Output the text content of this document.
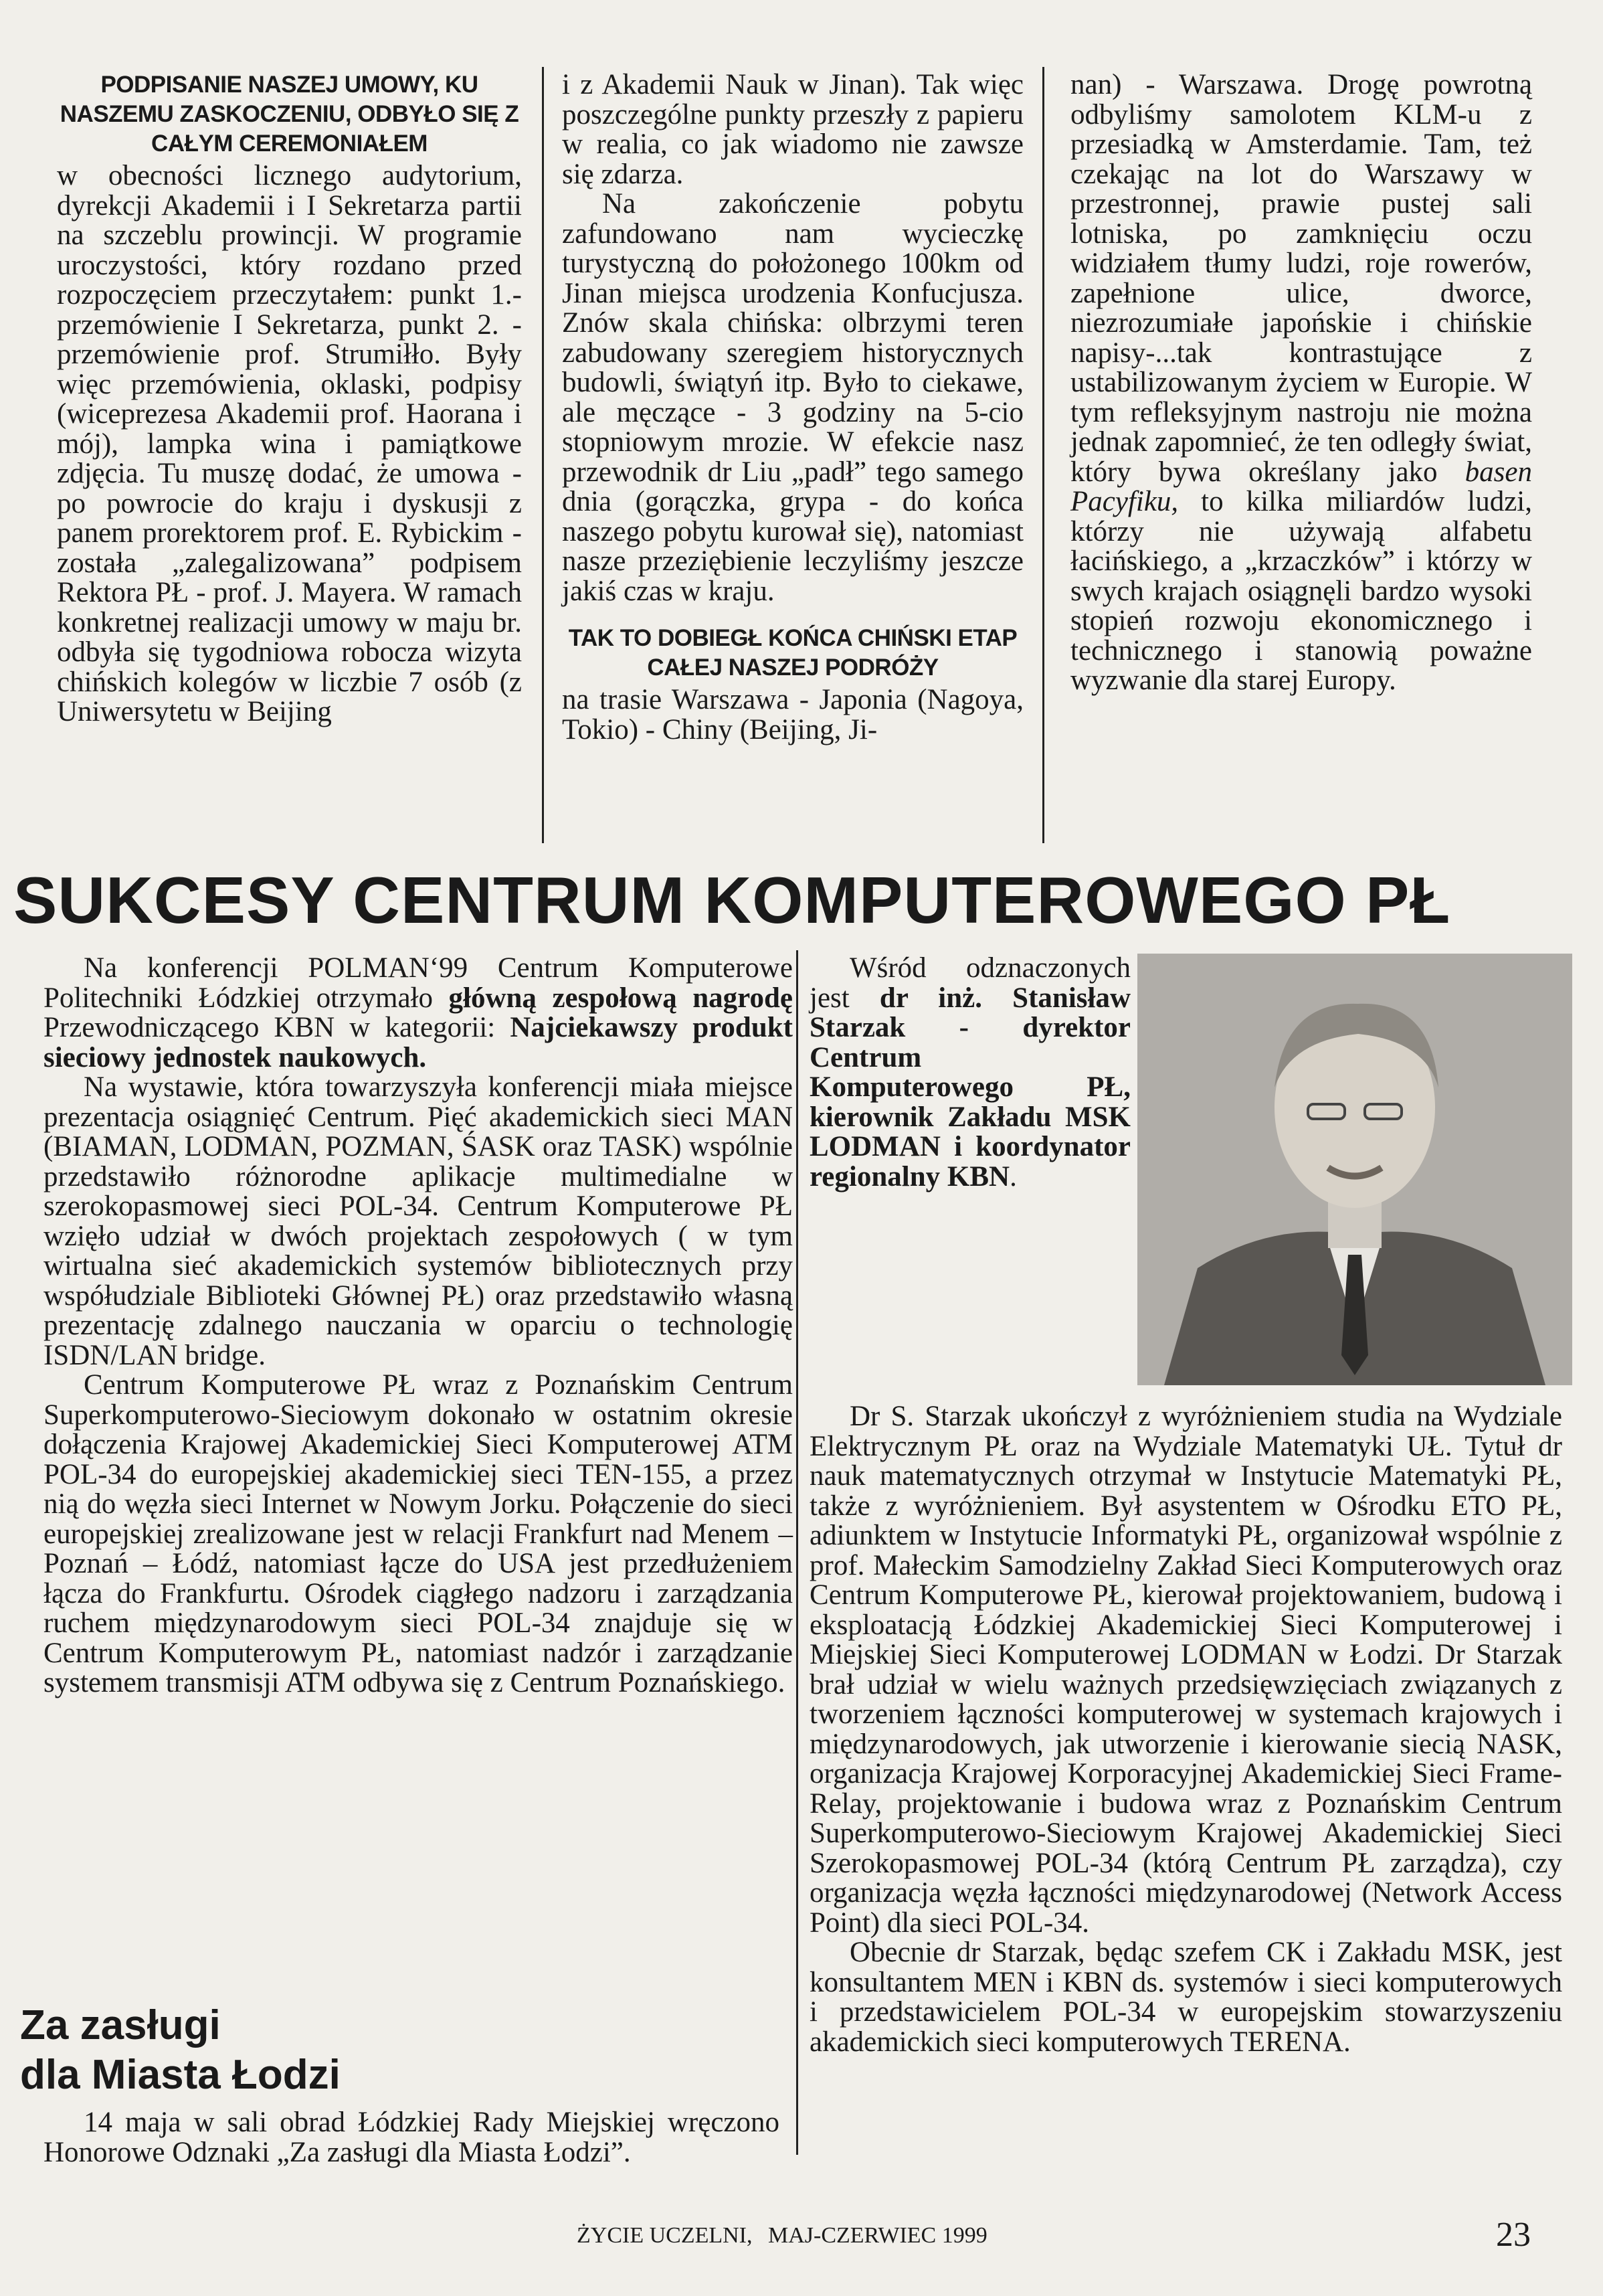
PODPISANIE NASZEJ UMOWY, KU NASZEMU ZASKOCZENIU, ODBYŁO SIĘ Z CAŁYM CEREMONIAŁEM

w obecności licznego audytorium, dyrekcji Akademii i I Sekretarza partii na szczeblu prowincji. W programie uroczystości, który rozdano przed rozpoczęciem przeczytałem: punkt 1.-przemówienie I Sekretarza, punkt 2. - przemówienie prof. Strumiłło. Były więc przemówienia, oklaski, podpisy (wiceprezesa Akademii prof. Haorana i mój), lampka wina i pamiątkowe zdjęcia. Tu muszę dodać, że umowa - po powrocie do kraju i dyskusji z panem prorektorem prof. E. Rybickim - została „zalegalizowana” podpisem Rektora PŁ - prof. J. Mayera. W ramach konkretnej realizacji umowy w maju br. odbyła się tygodniowa robocza wizyta chińskich kolegów w liczbie 7 osób (z Uniwersytetu w Beijing

i z Akademii Nauk w Jinan). Tak więc poszczególne punkty przeszły z papieru w realia, co jak wiadomo nie zawsze się zdarza.

Na zakończenie pobytu zafundowano nam wycieczkę turystyczną do położonego 100km od Jinan miejsca urodzenia Konfucjusza. Znów skala chińska: olbrzymi teren zabudowany szeregiem historycznych budowli, świątyń itp. Było to ciekawe, ale męczące - 3 godziny na 5-cio stopniowym mrozie. W efekcie nasz przewodnik dr Liu „padł” tego samego dnia (gorączka, grypa - do końca naszego pobytu kurował się), natomiast nasze przeziębienie leczyliśmy jeszcze jakiś czas w kraju.

TAK TO DOBIEGŁ KOŃCA CHIŃSKI ETAP CAŁEJ NASZEJ PODRÓŻY

na trasie Warszawa - Japonia (Nagoya, Tokio) - Chiny (Beijing, Ji-

nan) - Warszawa. Drogę powrotną odbyliśmy samolotem KLM-u z przesiadką w Amsterdamie. Tam, też czekając na lot do Warszawy w przestronnej, prawie pustej sali lotniska, po zamknięciu oczu widziałem tłumy ludzi, roje rowerów, zapełnione ulice, dworce, niezrozumiałe japońskie i chińskie napisy-...tak kontrastujące z ustabilizowanym życiem w Europie. W tym refleksyjnym nastroju nie można jednak zapomnieć, że ten odległy świat, który bywa określany jako basen Pacyfiku, to kilka miliardów ludzi, którzy nie używają alfabetu łacińskiego, a „krzaczków” i którzy w swych krajach osiągnęli bardzo wysoki stopień rozwoju ekonomicznego i technicznego i stanowią poważne wyzwanie dla starej Europy.

SUKCESY CENTRUM KOMPUTEROWEGO PŁ

Na konferencji POLMAN‘99 Centrum Komputerowe Politechniki Łódzkiej otrzymało główną zespołową nagrodę Przewodniczącego KBN w kategorii: Najciekawszy produkt sieciowy jednostek naukowych.

Na wystawie, która towarzyszyła konferencji miała miejsce prezentacja osiągnięć Centrum. Pięć akademickich sieci MAN (BIAMAN, LODMAN, POZMAN, ŚASK oraz TASK) wspólnie przedstawiło różnorodne aplikacje multimedialne w szerokopasmowej sieci POL-34. Centrum Komputerowe PŁ wzięło udział w dwóch projektach zespołowych ( w tym wirtualna sieć akademickich systemów bibliotecznych przy współudziale Biblioteki Głównej PŁ) oraz przedstawiło własną prezentację zdalnego nauczania w oparciu o technologię ISDN/LAN bridge.

Centrum Komputerowe PŁ wraz z Poznańskim Centrum Superkomputerowo-Sieciowym dokonało w ostatnim okresie dołączenia Krajowej Akademickiej Sieci Komputerowej ATM POL-34 do europejskiej akademickiej sieci TEN-155, a przez nią do węzła sieci Internet w Nowym Jorku. Połączenie do sieci europejskiej zrealizowane jest w relacji Frankfurt nad Menem – Poznań – Łódź, natomiast łącze do USA jest przedłużeniem łącza do Frankfurtu. Ośrodek ciągłego nadzoru i zarządzania ruchem międzynarodowym sieci POL-34 znajduje się w Centrum Komputerowym PŁ, natomiast nadzór i zarządzanie systemem transmisji ATM odbywa się z Centrum Poznańskiego.

Za zasługi
dla Miasta Łodzi

14 maja w sali obrad Łódzkiej Rady Miejskiej wręczono Honorowe Odznaki „Za zasługi dla Miasta Łodzi”.

Wśród odznaczonych jest dr inż. Stanisław Starzak - dyrektor Centrum Komputerowego PŁ, kierownik Zakładu MSK LODMAN i koordynator regionalny KBN.

Dr S. Starzak ukończył z wyróżnieniem studia na Wydziale Elektrycznym PŁ oraz na Wydziale Matematyki UŁ. Tytuł dr nauk matematycznych otrzymał w Instytucie Matematyki PŁ, także z wyróżnieniem. Był asystentem w Ośrodku ETO PŁ, adiunktem w Instytucie Informatyki PŁ, organizował wspólnie z prof. Małeckim Samodzielny Zakład Sieci Komputerowych oraz Centrum Komputerowe PŁ, kierował projektowaniem, budową i eksploatacją Łódzkiej Akademickiej Sieci Komputerowej i Miejskiej Sieci Komputerowej LODMAN w Łodzi. Dr Starzak brał udział w wielu ważnych przedsięwzięciach związanych z tworzeniem łączności komputerowej w systemach krajowych i międzynarodowych, jak utworzenie i kierowanie siecią NASK, organizacja Krajowej Korporacyjnej Akademickiej Sieci Frame-Relay, projektowanie i budowa wraz z Poznańskim Centrum Superkomputerowo-Sieciowym Krajowej Akademickiej Sieci Szerokopasmowej POL-34 (którą Centrum PŁ zarządza), czy organizacja węzła łączności międzynarodowej (Network Access Point) dla sieci POL-34.

Obecnie dr Starzak, będąc szefem CK i Zakładu MSK, jest konsultantem MEN i KBN ds. systemów i sieci komputerowych i przedstawicielem POL-34 w europejskim stowarzyszeniu akademickich sieci komputerowych TERENA.

ŻYCIE UCZELNI, MAJ-CZERWIEC 1999	23
